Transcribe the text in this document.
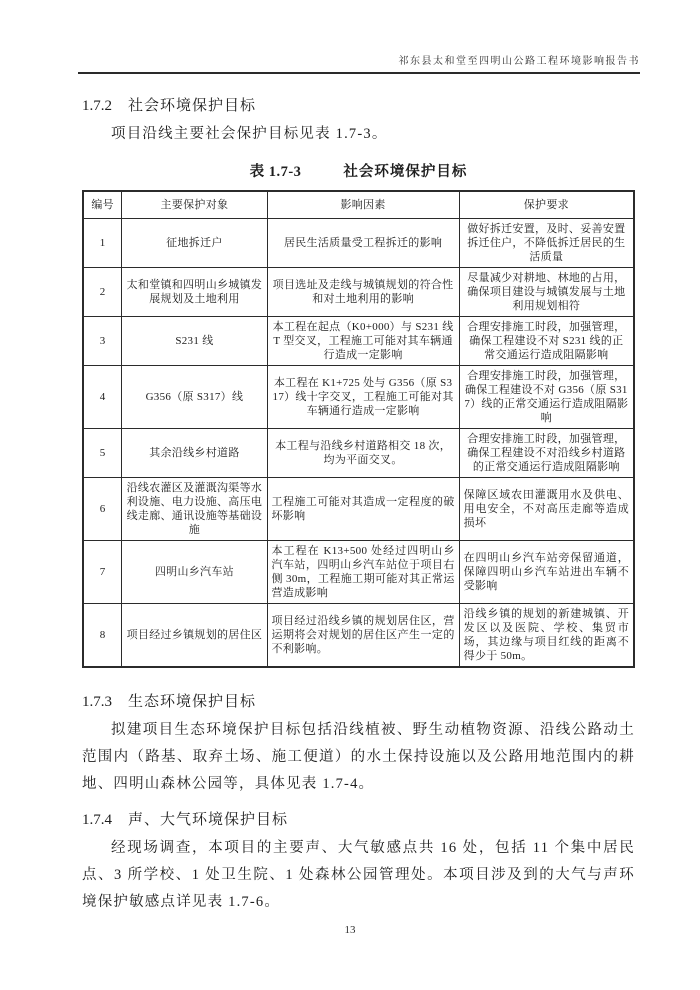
祁东县太和堂至四明山公路工程环境影响报告书
1.7.2 社会环境保护目标

项目沿线主要社会保护目标见表 1.7-3。

表 1.7-3	社会环境保护目标
编号	主要保护对象	影响因素	保护要求
1	征地拆迁户	居民生活质量受工程拆迁的影响	做好拆迁安置，及时、妥善安置拆迁住户，不降低拆迁居民的生活质量
2	太和堂镇和四明山乡城镇发展规划及土地利用	项目选址及走线与城镇规划的符合性和对土地利用的影响	尽量减少对耕地、林地的占用，确保项目建设与城镇发展与土地利用规划相符
3	S231 线	本工程在起点（K0+000）与 S231 线 T 型交叉，工程施工可能对其车辆通行造成一定影响	合理安排施工时段，加强管理，确保工程建设不对 S231 线的正常交通运行造成阻隔影响
4	G356（原 S317）线	本工程在 K1+725 处与 G356（原 S317）线十字交叉，工程施工可能对其车辆通行造成一定影响	合理安排施工时段，加强管理，确保工程建设不对 G356（原 S317）线的正常交通运行造成阻隔影响
5	其余沿线乡村道路	本工程与沿线乡村道路相交 18 次，均为平面交叉。	合理安排施工时段，加强管理，确保工程建设不对沿线乡村道路的正常交通运行造成阻隔影响
6	沿线农灌区及灌溉沟渠等水利设施、电力设施、高压电线走廊、通讯设施等基础设施	工程施工可能对其造成一定程度的破坏影响	保障区域农田灌溉用水及供电、用电安全，不对高压走廊等造成损坏
7	四明山乡汽车站	本工程在 K13+500 处经过四明山乡汽车站，四明山乡汽车站位于项目右侧 30m，工程施工期可能对其正常运营造成影响	在四明山乡汽车站旁保留通道，保障四明山乡汽车站进出车辆不受影响
8	项目经过乡镇规划的居住区	项目经过沿线乡镇的规划居住区，营运期将会对规划的居住区产生一定的不利影响。	沿线乡镇的规划的新建城镇、开发区以及医院、学校、集贸市场，其边缘与项目红线的距离不得少于 50m。
1.7.3 生态环境保护目标

拟建项目生态环境保护目标包括沿线植被、野生动植物资源、沿线公路动土范围内（路基、取弃土场、施工便道）的水土保持设施以及公路用地范围内的耕地、四明山森林公园等，具体见表 1.7-4。

1.7.4 声、大气环境保护目标

经现场调查，本项目的主要声、大气敏感点共 16 处，包括 11 个集中居民点、3 所学校、1 处卫生院、1 处森林公园管理处。本项目涉及到的大气与声环境保护敏感点详见表 1.7-6。

13
